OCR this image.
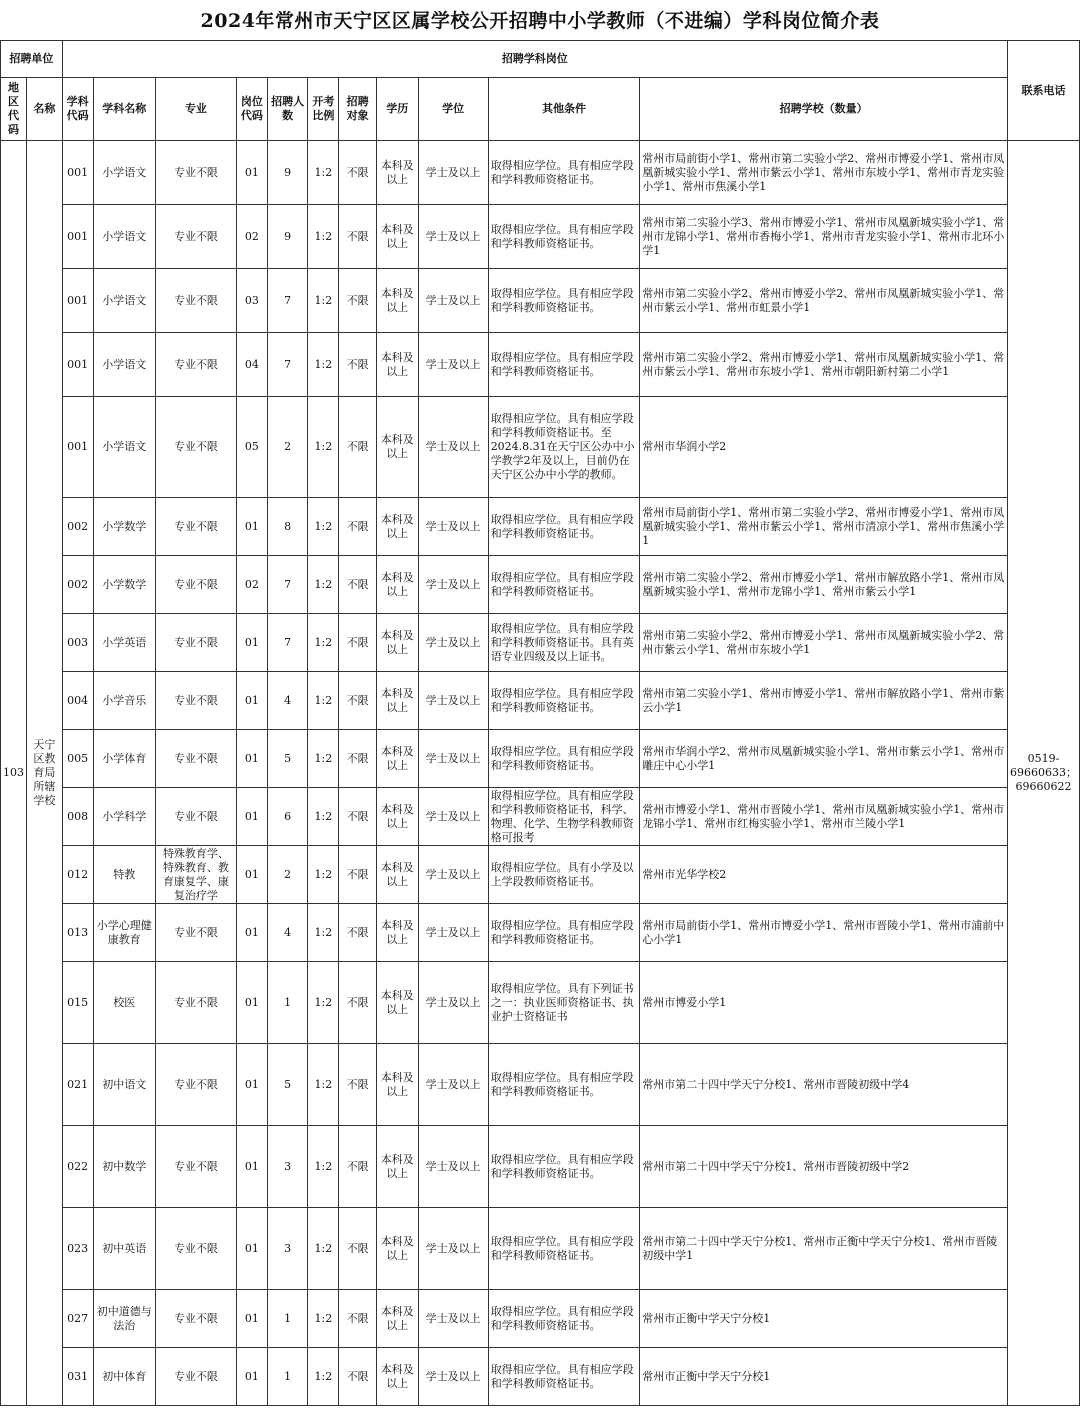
2024年常州市天宁区区属学校公开招聘中小学教师（不进编）学科岗位简介表
招聘单位		招聘学科岗位											联系电话
地区代码	名称	学科代码	学科名称	专业	岗位代码	招聘人数	开考比例	招聘对象	学历	学位	其他条件	招聘学校（数量）	
103	天宁区教育局所辖学校	001	小学语文	专业不限	01	9	1:2	不限	本科及以上	学士及以上	取得相应学位。具有相应学段和学科教师资格证书。	常州市局前街小学1、常州市第二实验小学2、常州市博爱小学1、常州市凤凰新城实验小学1、常州市紫云小学1、常州市东坡小学1、常州市青龙实验小学1、常州市焦溪小学1	0519-69660633；69660622
		001	小学语文	专业不限	02	9	1:2	不限	本科及以上	学士及以上	取得相应学位。具有相应学段和学科教师资格证书。	常州市第二实验小学3、常州市博爱小学1、常州市凤凰新城实验小学1、常州市龙锦小学1、常州市香梅小学1、常州市青龙实验小学1、常州市北环小学1	
		001	小学语文	专业不限	03	7	1:2	不限	本科及以上	学士及以上	取得相应学位。具有相应学段和学科教师资格证书。	常州市第二实验小学2、常州市博爱小学2、常州市凤凰新城实验小学1、常州市紫云小学1、常州市虹景小学1	
		001	小学语文	专业不限	04	7	1:2	不限	本科及以上	学士及以上	取得相应学位。具有相应学段和学科教师资格证书。	常州市第二实验小学2、常州市博爱小学1、常州市凤凰新城实验小学1、常州市紫云小学1、常州市东坡小学1、常州市朝阳新村第二小学1	
		001	小学语文	专业不限	05	2	1:2	不限	本科及以上	学士及以上	取得相应学位。具有相应学段和学科教师资格证书。至2024.8.31在天宁区公办中小学教学2年及以上，目前仍在天宁区公办中小学的教师。	常州市华润小学2	
		002	小学数学	专业不限	01	8	1:2	不限	本科及以上	学士及以上	取得相应学位。具有相应学段和学科教师资格证书。	常州市局前街小学1、常州市第二实验小学2、常州市博爱小学1、常州市凤凰新城实验小学1、常州市紫云小学1、常州市清凉小学1、常州市焦溪小学1	
		002	小学数学	专业不限	02	7	1:2	不限	本科及以上	学士及以上	取得相应学位。具有相应学段和学科教师资格证书。	常州市第二实验小学2、常州市博爱小学1、常州市解放路小学1、常州市凤凰新城实验小学1、常州市龙锦小学1、常州市紫云小学1	
		003	小学英语	专业不限	01	7	1:2	不限	本科及以上	学士及以上	取得相应学位。具有相应学段和学科教师资格证书。具有英语专业四级及以上证书。	常州市第二实验小学2、常州市博爱小学1、常州市凤凰新城实验小学2、常州市紫云小学1、常州市东坡小学1	
		004	小学音乐	专业不限	01	4	1:2	不限	本科及以上	学士及以上	取得相应学位。具有相应学段和学科教师资格证书。	常州市第二实验小学1、常州市博爱小学1、常州市解放路小学1、常州市紫云小学1	
		005	小学体育	专业不限	01	5	1:2	不限	本科及以上	学士及以上	取得相应学位。具有相应学段和学科教师资格证书。	常州市华润小学2、常州市凤凰新城实验小学1、常州市紫云小学1、常州市雕庄中心小学1	
		008	小学科学	专业不限	01	6	1:2	不限	本科及以上	学士及以上	取得相应学位。具有相应学段和学科教师资格证书，科学、物理、化学、生物学科教师资格可报考	常州市博爱小学1、常州市晋陵小学1、常州市凤凰新城实验小学1、常州市龙锦小学1、常州市红梅实验小学1、常州市兰陵小学1	
		012	特教	特殊教育学、特殊教育、教育康复学、康复治疗学	01	2	1:2	不限	本科及以上	学士及以上	取得相应学位。具有小学及以上学段教师资格证书。	常州市光华学校2	
		013	小学心理健康教育	专业不限	01	4	1:2	不限	本科及以上	学士及以上	取得相应学位。具有相应学段和学科教师资格证书。	常州市局前街小学1、常州市博爱小学1、常州市晋陵小学1、常州市浦前中心小学1	
		015	校医	专业不限	01	1	1:2	不限	本科及以上	学士及以上	取得相应学位。具有下列证书之一：执业医师资格证书、执业护士资格证书	常州市博爱小学1	
		021	初中语文	专业不限	01	5	1:2	不限	本科及以上	学士及以上	取得相应学位。具有相应学段和学科教师资格证书。	常州市第二十四中学天宁分校1、常州市晋陵初级中学4	
		022	初中数学	专业不限	01	3	1:2	不限	本科及以上	学士及以上	取得相应学位。具有相应学段和学科教师资格证书。	常州市第二十四中学天宁分校1、常州市晋陵初级中学2	
		023	初中英语	专业不限	01	3	1:2	不限	本科及以上	学士及以上	取得相应学位。具有相应学段和学科教师资格证书。	常州市第二十四中学天宁分校1、常州市正衡中学天宁分校1、常州市晋陵初级中学1	
		027	初中道德与法治	专业不限	01	1	1:2	不限	本科及以上	学士及以上	取得相应学位。具有相应学段和学科教师资格证书。	常州市正衡中学天宁分校1	
		031	初中体育	专业不限	01	1	1:2	不限	本科及以上	学士及以上	取得相应学位。具有相应学段和学科教师资格证书。	常州市正衡中学天宁分校1	
